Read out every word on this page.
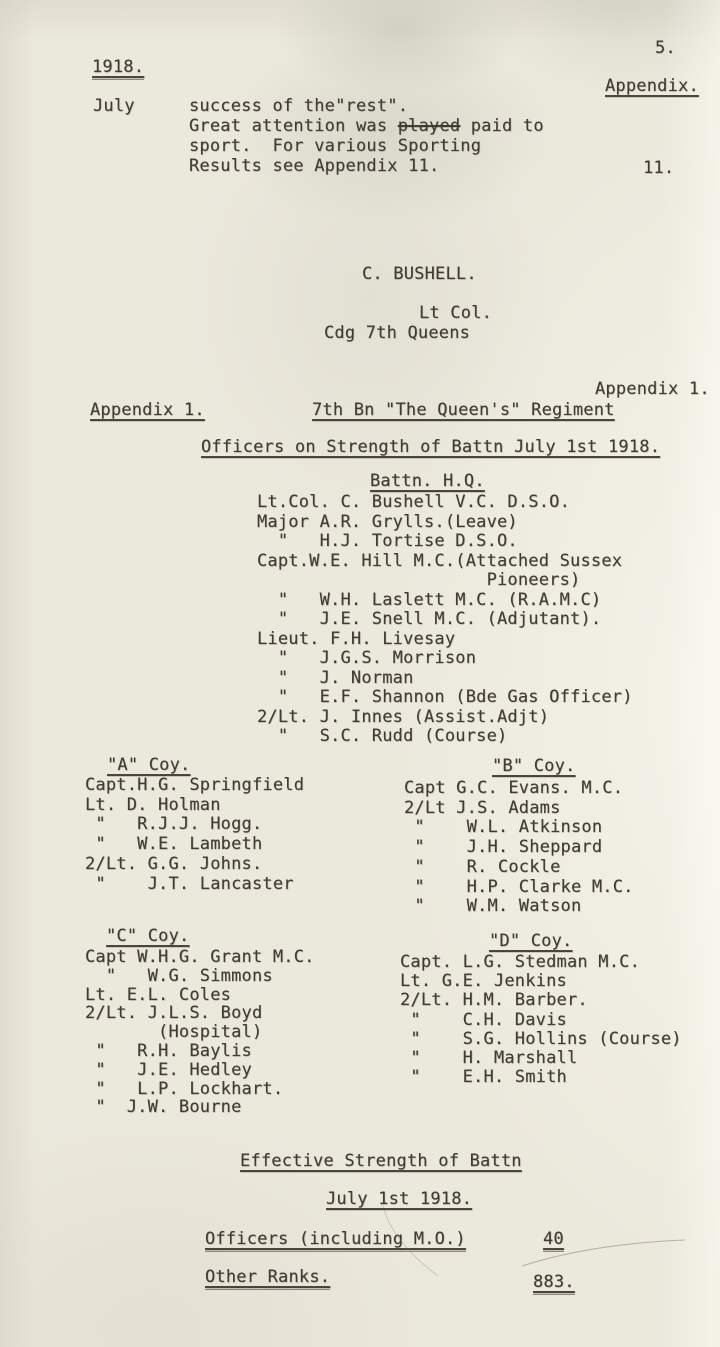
5.
1918.
Appendix.
July	success of the"rest".
Great attention was played paid to
sport.  For various Sporting
Results see Appendix 11.	11.
C. BUSHELL.
Lt Col.
Cdg 7th Queens
Appendix 1.
Appendix 1.	7th Bn "The Queen's" Regiment
Officers on Strength of Battn July 1st 1918.
Battn. H.Q.
Lt.Col. C. Bushell V.C. D.S.O.
Major A.R. Grylls.(Leave)
"   H.J. Tortise D.S.O.
Capt.W.E. Hill M.C.(Attached Sussex
Pioneers)
"   W.H. Laslett M.C. (R.A.M.C)
"   J.E. Snell M.C. (Adjutant).
Lieut. F.H. Livesay
"   J.G.S. Morrison
"   J. Norman
"   E.F. Shannon (Bde Gas Officer)
2/Lt. J. Innes (Assist.Adjt)
"   S.C. Rudd (Course)
"A" Coy.
Capt.H.G. Springfield
Lt. D. Holman
"   R.J.J. Hogg.
"   W.E. Lambeth
2/Lt. G.G. Johns.
"    J.T. Lancaster
"B" Coy.
Capt G.C. Evans. M.C.
2/Lt J.S. Adams
"    W.L. Atkinson
"    J.H. Sheppard
"    R. Cockle
"    H.P. Clarke M.C.
"    W.M. Watson
"C" Coy.
Capt W.H.G. Grant M.C.
"   W.G. Simmons
Lt. E.L. Coles
2/Lt. J.L.S. Boyd
(Hospital)
"   R.H. Baylis
"   J.E. Hedley
"   L.P. Lockhart.
"  J.W. Bourne
"D" Coy.
Capt. L.G. Stedman M.C.
Lt. G.E. Jenkins
2/Lt. H.M. Barber.
"    C.H. Davis
"    S.G. Hollins (Course)
"    H. Marshall
"    E.H. Smith
Effective Strength of Battn
July 1st 1918.
Officers (including M.O.)	40
Other Ranks.	883.
